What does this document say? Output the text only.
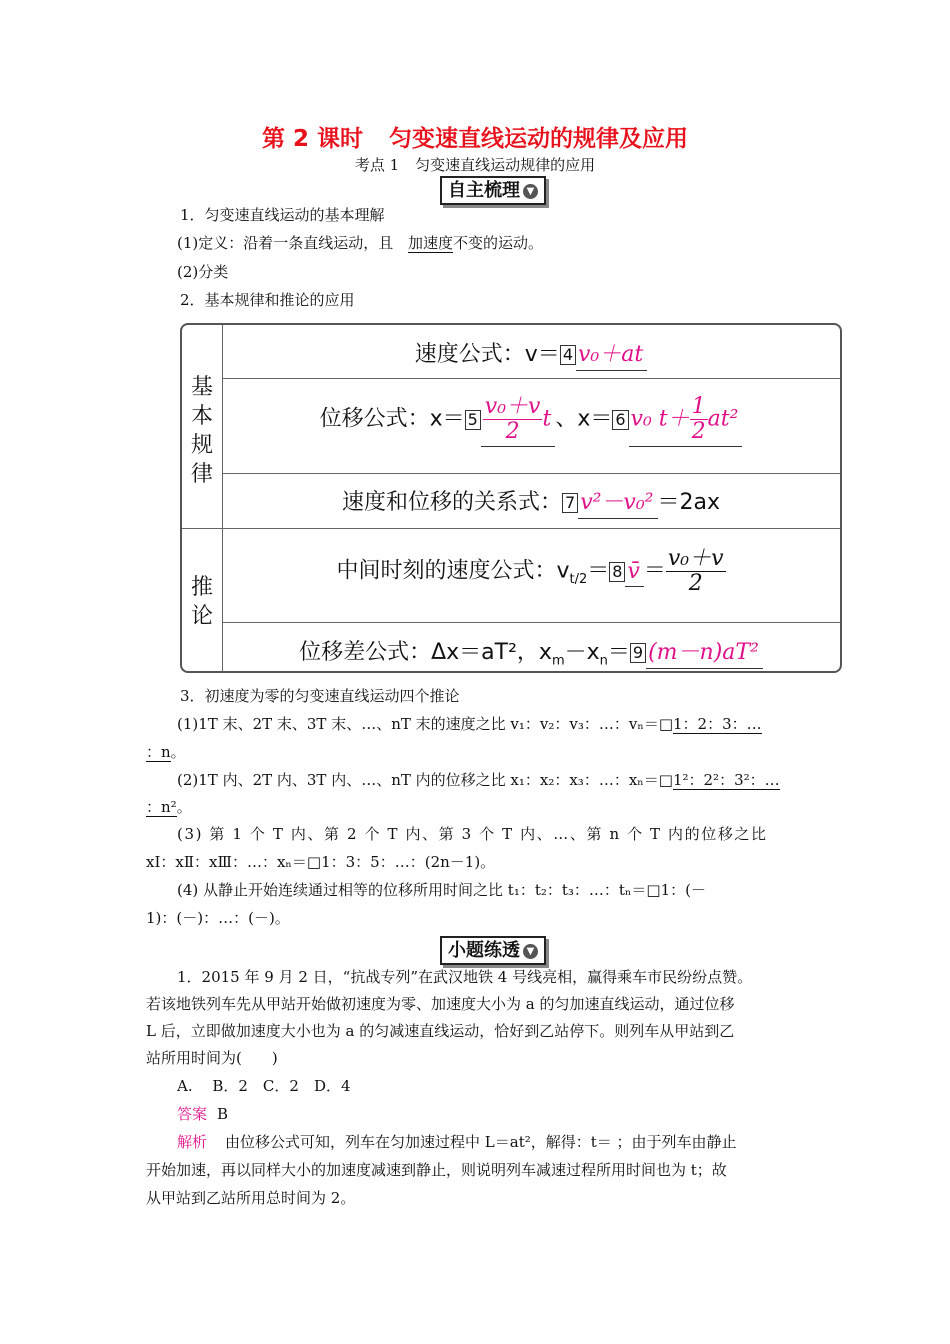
第 2 课时 匀变速直线运动的规律及应用
考点 1 匀变速直线运动规律的应用
自主梳理 ▼
1．匀变速直线运动的基本理解
(1)定义：沿着一条直线运动，且 加速度不变的运动。
(2)分类
2．基本规律和推论的应用
基
本
规
律
推
论
速度公式：v＝ 4 v₀＋at
位移公式：$x= 5 \frac{\text{v₀＋v}}{2}$ t 、x＝ 6 v₀ $t+ \frac{1}{2} at^2$
速度和位移的关系式： 7 v²－v₀² ＝2ax
中间时刻的速度公式：$v_{t/2}= 8$ v̄ ＝ $\frac{\text{v₀＋v}}{2}$
位移差公式：Δx＝aT²，$x_m-x_n= 9$ (m－n)aT²
3．初速度为零的匀变速直线运动四个推论
(1)1T 末、2T 末、3T 末、…、nT 末的速度之比 v₁：v₂：v₃：…：vₙ＝□1：2：3：…
：n。
(2)1T 内、2T 内、3T 内、…、nT 内的位移之比 x₁：x₂：x₃：…：xₙ＝□1²：2²：3²：…
：n²。
(3) 第 1 个 T 内、第 2 个 T 内、第 3 个 T 内、…、第 n 个 T 内的位移之比
xⅠ：xⅡ：xⅢ：…：xₙ＝□1：3：5：…：(2n－1)。
(4) 从静止开始连续通过相等的位移所用时间之比 t₁：t₂：t₃：…：tₙ＝□1：(－
1)：(－)：…：(－)。
小题练透 ▼
1．2015 年 9 月 2 日，“抗战专列”在武汉地铁 4 号线亮相，赢得乘车市民纷纷点赞。
若该地铁列车先从甲站开始做初速度为零、加速度大小为 a 的匀加速直线运动，通过位移
L 后，立即做加速度大小也为 a 的匀减速直线运动，恰好到乙站停下。则列车从甲站到乙
站所用时间为(　　)
A.　 B．2　C．2　D．4
答案 B
解析 由位移公式可知，列车在匀加速过程中 L＝at²，解得：t＝ ；由于列车由静止
开始加速，再以同样大小的加速度减速到静止，则说明列车减速过程所用时间也为 t；故
从甲站到乙站所用总时间为 2。
